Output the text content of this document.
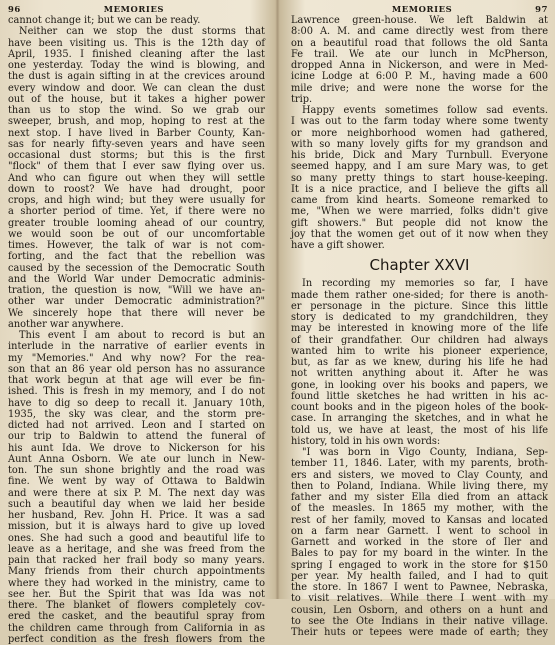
96	MEMORIES
cannot change it; but we can be ready.
Neither can we stop the dust storms that
have been visiting us. This is the 12th day of
April, 1935. I finished cleaning after the last
one yesterday. Today the wind is blowing, and
the dust is again sifting in at the crevices around
every window and door. We can clean the dust
out of the house, but it takes a higher power
than us to stop the wind. So we grab our
sweeper, brush, and mop, hoping to rest at the
next stop. I have lived in Barber County, Kan-
sas for nearly fifty-seven years and have seen
occasional dust storms; but this is the first
"flock" of them that I ever saw flying over us.
And who can figure out when they will settle
down to roost? We have had drought, poor
crops, and high wind; but they were usually for
a shorter period of time. Yet, if there were no
greater trouble looming ahead of our country,
we would soon be out of our uncomfortable
times. However, the talk of war is not com-
forting, and the fact that the rebellion was
caused by the secession of the Democratic South
and the World War under Democratic adminis-
tration, the question is now, "Will we have an-
other war under Democratic administration?"
We sincerely hope that there will never be
another war anywhere.
This event I am about to record is but an
interlude in the narrative of earlier events in
my "Memories." And why now? For the rea-
son that an 86 year old person has no assurance
that work begun at that age will ever be fin-
ished. This is fresh in my memory, and I do not
have to dig so deep to recall it. January 10th,
1935, the sky was clear, and the storm pre-
dicted had not arrived. Leon and I started on
our trip to Baldwin to attend the funeral of
his aunt Ida. We drove to Nickerson for his
Aunt Anna Osborn. We ate our lunch in New-
ton. The sun shone brightly and the road was
fine. We went by way of Ottawa to Baldwin
and were there at six P. M. The next day was
such a beautiful day when we laid her beside
her husband, Rev. John H. Price. It was a sad
mission, but it is always hard to give up loved
ones. She had such a good and beautiful life to
leave as a heritage, and she was freed from the
pain that racked her frail body so many years.
Many friends from their church appointments
where they had worked in the ministry, came to
see her. But the Spirit that was Ida was not
there. The blanket of flowers completely cov-
ered the casket, and the beautiful spray from
the children came through from California in as
perfect condition as the fresh flowers from the
MEMORIES	97
Lawrence green-house. We left Baldwin at
8:00 A. M. and came directly west from there
on a beautiful road that follows the old Santa
Fe trail. We ate our lunch in McPherson,
dropped Anna in Nickerson, and were in Med-
icine Lodge at 6:00 P. M., having made a 600
mile drive; and were none the worse for the
trip.
Happy events sometimes follow sad events.
I was out to the farm today where some twenty
or more neighborhood women had gathered,
with so many lovely gifts for my grandson and
his bride, Dick and Mary Turnbull. Everyone
seemed happy, and I am sure Mary was, to get
so many pretty things to start house-keeping.
It is a nice practice, and I believe the gifts all
came from kind hearts. Someone remarked to
me, "When we were married, folks didn't give
gift showers." But people did not know the
joy that the women get out of it now when they
have a gift shower.
Chapter XXVI
In recording my memories so far, I have
made them rather one-sided; for there is anoth-
er personage in the picture. Since this little
story is dedicated to my grandchildren, they
may be interested in knowing more of the life
of their grandfather. Our children had always
wanted him to write his pioneer experience,
but, as far as we knew, during his life he had
not written anything about it. After he was
gone, in looking over his books and papers, we
found little sketches he had written in his ac-
count books and in the pigeon holes of the book-
case. In arranging the sketches, and in what he
told us, we have at least, the most of his life
history, told in his own words:
"I was born in Vigo County, Indiana, Sep-
tember 11, 1846. Later, with my parents, broth-
ers and sisters, we moved to Clay County, and
then to Poland, Indiana. While living there, my
father and my sister Ella died from an attack
of the measles. In 1865 my mother, with the
rest of her family, moved to Kansas and located
on a farm near Garnett. I went to school in
Garnett and worked in the store of Iler and
Bales to pay for my board in the winter. In the
spring I engaged to work in the store for $150
per year. My health failed, and I had to quit
the store. In 1867 I went to Pawnee, Nebraska,
to visit relatives. While there I went with my
cousin, Len Osborn, and others on a hunt and
to see the Ote Indians in their native village.
Their huts or tepees were made of earth; they
